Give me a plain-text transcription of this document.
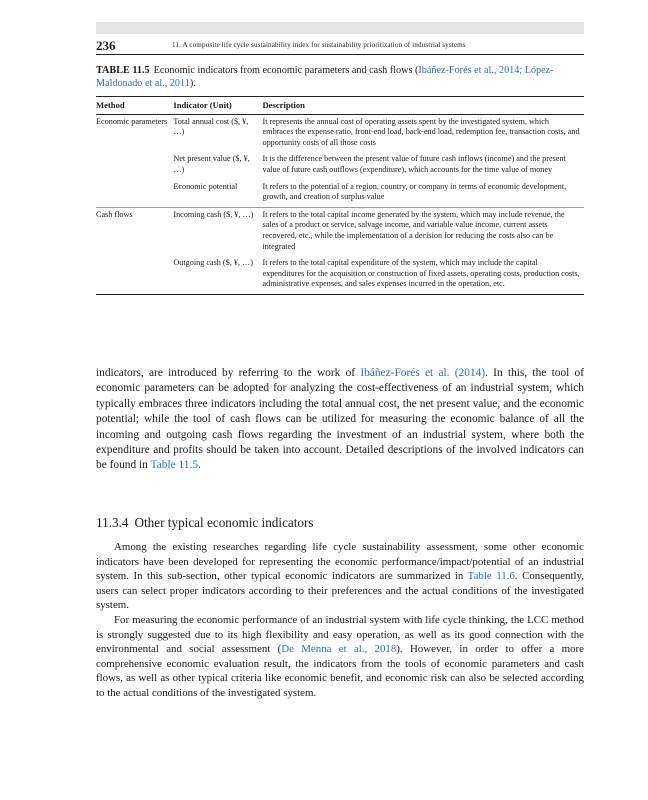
236	11. A composite life cycle sustainability index for sustainability prioritization of industrial systems
TABLE 11.5 Economic indicators from economic parameters and cash flows (Ibáñez-Forés et al., 2014; López-Maldonado et al., 2011).
Method	Indicator (Unit)	Description
Economic parameters	Total annual cost ($, ¥, …)	It represents the annual cost of operating assets spent by the investigated system, which embraces the expense ratio, front-end load, back-end load, redemption fee, transaction costs, and opportunity costs of all those costs
	Net present value ($, ¥, …)	It is the difference between the present value of future cash inflows (income) and the present value of future cash outflows (expenditure), which accounts for the time value of money
	Economic potential	It refers to the potential of a region, country, or company in terms of economic development, growth, and creation of surplus value
Cash flows	Incoming cash ($, ¥, …)	It refers to the total capital income generated by the system, which may include revenue, the sales of a product or service, salvage income, and variable value income, current assets recovered, etc., while the implementation of a decision for reducing the costs also can be integrated
	Outgoing cash ($, ¥, …)	It refers to the total capital expenditure of the system, which may include the capital expenditures for the acquisition or construction of fixed assets, operating costs, production costs, administrative expenses, and sales expenses incurred in the operation, etc.
indicators, are introduced by referring to the work of Ibáñez-Forés et al. (2014). In this, the tool of economic parameters can be adopted for analyzing the cost-effectiveness of an industrial system, which typically embraces three indicators including the total annual cost, the net present value, and the economic potential; while the tool of cash flows can be utilized for measuring the economic balance of all the incoming and outgoing cash flows regarding the investment of an industrial system, where both the expenditure and profits should be taken into account. Detailed descriptions of the involved indicators can be found in Table 11.5.
11.3.4 Other typical economic indicators

Among the existing researches regarding life cycle sustainability assessment, some other economic indicators have been developed for representing the economic performance/impact/potential of an industrial system. In this sub-section, other typical economic indicators are summarized in Table 11.6. Consequently, users can select proper indicators according to their preferences and the actual conditions of the investigated system.

For measuring the economic performance of an industrial system with life cycle thinking, the LCC method is strongly suggested due to its high flexibility and easy operation, as well as its good connection with the environmental and social assessment (De Menna et al., 2018). However, in order to offer a more comprehensive economic evaluation result, the indicators from the tools of economic parameters and cash flows, as well as other typical criteria like economic benefit, and economic risk can also be selected according to the actual conditions of the investigated system.
